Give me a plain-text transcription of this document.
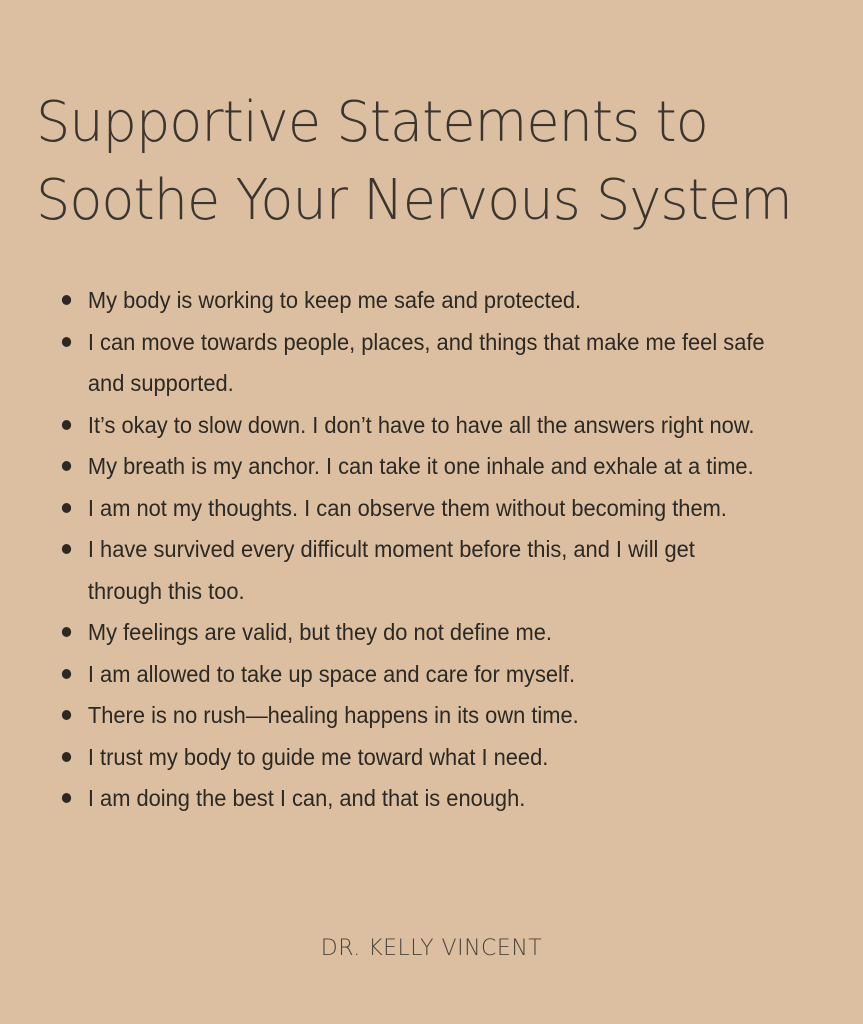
Supportive Statements to
Soothe Your Nervous System
My body is working to keep me safe and protected.
I can move towards people, places, and things that make me feel safe and supported.
It’s okay to slow down. I don’t have to have all the answers right now.
My breath is my anchor. I can take it one inhale and exhale at a time.
I am not my thoughts. I can observe them without becoming them.
I have survived every difficult moment before this, and I will get through this too.
My feelings are valid, but they do not define me.
I am allowed to take up space and care for myself.
There is no rush—healing happens in its own time.
I trust my body to guide me toward what I need.
I am doing the best I can, and that is enough.
DR. KELLY VINCENT
